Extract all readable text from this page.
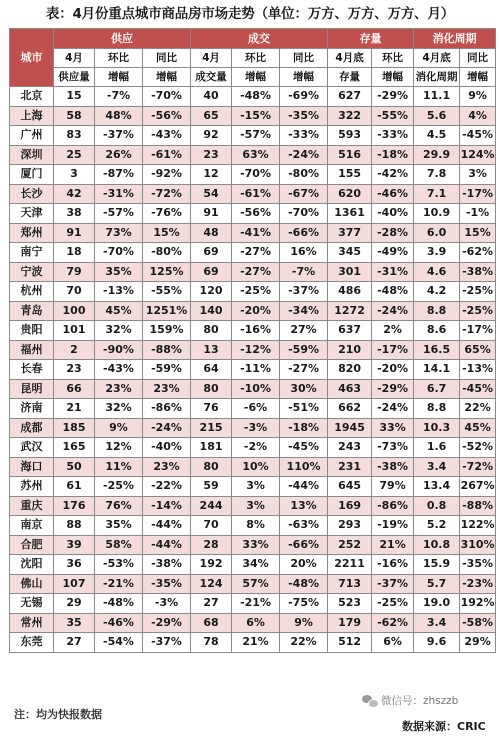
表：4月份重点城市商品房市场走势（单位：万方、万方、万方、月）
城市	供应			成交			存量		消化周期	
	4月	环比	同比	4月	环比	同比	4月底	环比	4月底	同比
	供应量	增幅	增幅	成交量	增幅	增幅	存量	增幅	消化周期	增幅
北京	15	-7%	-70%	40	-48%	-69%	627	-29%	11.1	9%
上海	58	48%	-56%	65	-15%	-35%	322	-55%	5.6	4%
广州	83	-37%	-43%	92	-57%	-33%	593	-33%	4.5	-45%
深圳	25	26%	-61%	23	63%	-24%	516	-18%	29.9	124%
厦门	3	-87%	-92%	12	-70%	-80%	155	-42%	7.8	3%
长沙	42	-31%	-72%	54	-61%	-67%	620	-46%	7.1	-17%
天津	38	-57%	-76%	91	-56%	-70%	1361	-40%	10.9	-1%
郑州	91	73%	15%	48	-41%	-66%	377	-28%	6.0	15%
南宁	18	-70%	-80%	69	-27%	16%	345	-49%	3.9	-62%
宁波	79	35%	125%	69	-27%	-7%	301	-31%	4.6	-38%
杭州	70	-13%	-55%	120	-25%	-37%	486	-48%	4.2	-25%
青岛	100	45%	1251%	140	-20%	-34%	1272	-24%	8.8	-25%
贵阳	101	32%	159%	80	-16%	27%	637	2%	8.6	-17%
福州	2	-90%	-88%	13	-12%	-59%	210	-17%	16.5	65%
长春	23	-43%	-59%	64	-11%	-27%	820	-20%	14.1	-13%
昆明	66	23%	23%	80	-10%	30%	463	-29%	6.7	-45%
济南	21	32%	-86%	76	-6%	-51%	662	-24%	8.8	22%
成都	185	9%	-24%	215	-3%	-18%	1945	33%	10.3	45%
武汉	165	12%	-40%	181	-2%	-45%	243	-73%	1.6	-52%
海口	50	11%	23%	80	10%	110%	231	-38%	3.4	-72%
苏州	61	-25%	-22%	59	3%	-44%	645	79%	13.4	267%
重庆	176	76%	-14%	244	3%	13%	169	-86%	0.8	-88%
南京	88	35%	-44%	70	8%	-63%	293	-19%	5.2	122%
合肥	39	58%	-44%	28	33%	-66%	252	21%	10.8	310%
沈阳	36	-53%	-38%	192	34%	20%	2211	-16%	15.9	-35%
佛山	107	-21%	-35%	124	57%	-48%	713	-37%	5.7	-23%
无锡	29	-48%	-3%	27	-21%	-75%	523	-25%	19.0	192%
常州	35	-46%	-29%	68	6%	9%	179	-62%	3.4	-58%
东莞	27	-54%	-37%	78	21%	22%	512	6%	9.6	29%
注：均为快报数据
微信号：zhszzb
数据来源：CRIC
